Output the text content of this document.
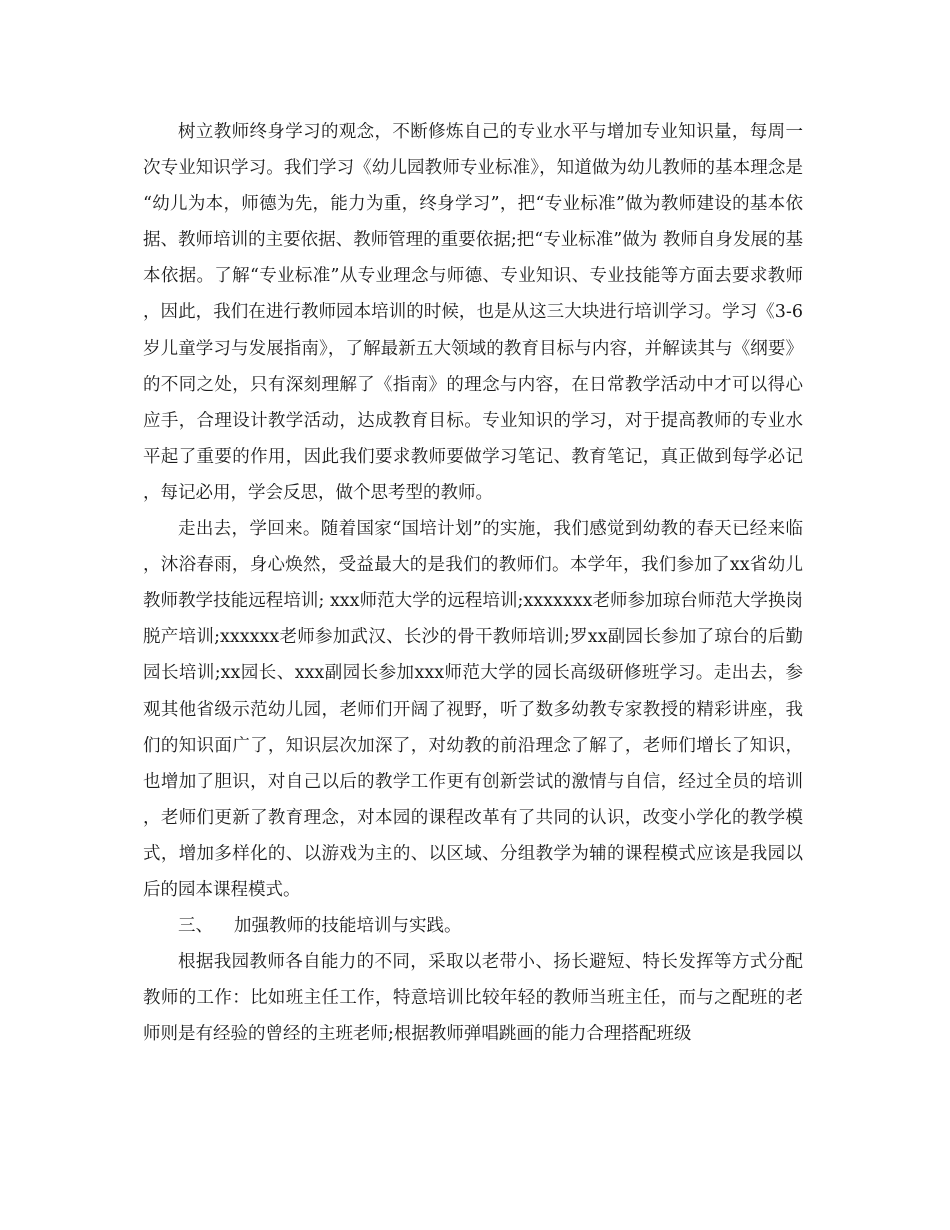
树立教师终身学习的观念，不断修炼自己的专业水平与增加专业知识量，每周一次专业知识学习。我们学习《幼儿园教师专业标准》，知道做为幼儿教师的基本理念是“幼儿为本，师德为先，能力为重，终身学习”，把“专业标准”做为教师建设的基本依据、教师培训的主要依据、教师管理的重要依据;把“专业标准”做为 教师自身发展的基本依据。了解“专业标准”从专业理念与师德、专业知识、专业技能等方面去要求教师，因此，我们在进行教师园本培训的时候，也是从这三大块进行培训学习。学习《3-6岁儿童学习与发展指南》，了解最新五大领域的教育目标与内容，并解读其与《纲要》的不同之处，只有深刻理解了《指南》的理念与内容，在日常教学活动中才可以得心应手，合理设计教学活动，达成教育目标。专业知识的学习，对于提高教师的专业水平起了重要的作用，因此我们要求教师要做学习笔记、教育笔记，真正做到每学必记，每记必用，学会反思，做个思考型的教师。

走出去，学回来。随着国家“国培计划”的实施，我们感觉到幼教的春天已经来临，沐浴春雨，身心焕然，受益最大的是我们的教师们。本学年，我们参加了xx省幼儿教师教学技能远程培训; xxx师范大学的远程培训;xxxxxxx老师参加琼台师范大学换岗脱产培训;xxxxxx老师参加武汉、长沙的骨干教师培训;罗xx副园长参加了琼台的后勤园长培训;xx园长、xxx副园长参加xxx师范大学的园长高级研修班学习。走出去，参观其他省级示范幼儿园，老师们开阔了视野，听了数多幼教专家教授的精彩讲座，我们的知识面广了，知识层次加深了，对幼教的前沿理念了解了，老师们增长了知识，也增加了胆识，对自己以后的教学工作更有创新尝试的激情与自信，经过全员的培训，老师们更新了教育理念，对本园的课程改革有了共同的认识，改变小学化的教学模式，增加多样化的、以游戏为主的、以区域、分组教学为辅的课程模式应该是我园以后的园本课程模式。

三、 加强教师的技能培训与实践。

根据我园教师各自能力的不同，采取以老带小、扬长避短、特长发挥等方式分配教师的工作：比如班主任工作，特意培训比较年轻的教师当班主任，而与之配班的老师则是有经验的曾经的主班老师;根据教师弹唱跳画的能力合理搭配班级
